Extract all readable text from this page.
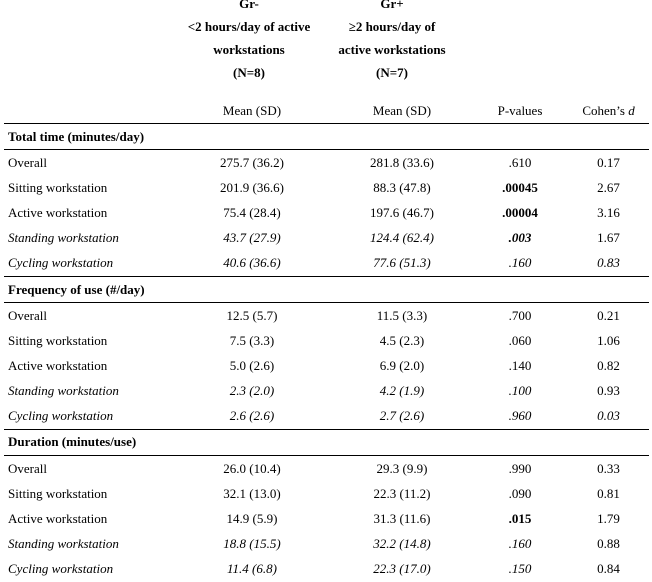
Gr-
<2 hours/day of active
workstations
(N=8)
Gr+
≥2 hours/day of
active workstations
(N=7)
	Mean (SD)	Mean (SD)	P-values	Cohen’s d
Total time (minutes/day)				
Overall	275.7 (36.2)	281.8 (33.6)	.610	0.17
Sitting workstation	201.9 (36.6)	88.3 (47.8)	.00045	2.67
Active workstation	75.4 (28.4)	197.6 (46.7)	.00004	3.16
Standing workstation	43.7 (27.9)	124.4 (62.4)	.003	1.67
Cycling workstation	40.6 (36.6)	77.6 (51.3)	.160	0.83
Frequency of use (#/day)				
Overall	12.5 (5.7)	11.5 (3.3)	.700	0.21
Sitting workstation	7.5 (3.3)	4.5 (2.3)	.060	1.06
Active workstation	5.0 (2.6)	6.9 (2.0)	.140	0.82
Standing workstation	2.3 (2.0)	4.2 (1.9)	.100	0.93
Cycling workstation	2.6 (2.6)	2.7 (2.6)	.960	0.03
Duration (minutes/use)				
Overall	26.0 (10.4)	29.3 (9.9)	.990	0.33
Sitting workstation	32.1 (13.0)	22.3 (11.2)	.090	0.81
Active workstation	14.9 (5.9)	31.3 (11.6)	.015	1.79
Standing workstation	18.8 (15.5)	32.2 (14.8)	.160	0.88
Cycling workstation	11.4 (6.8)	22.3 (17.0)	.150	0.84
